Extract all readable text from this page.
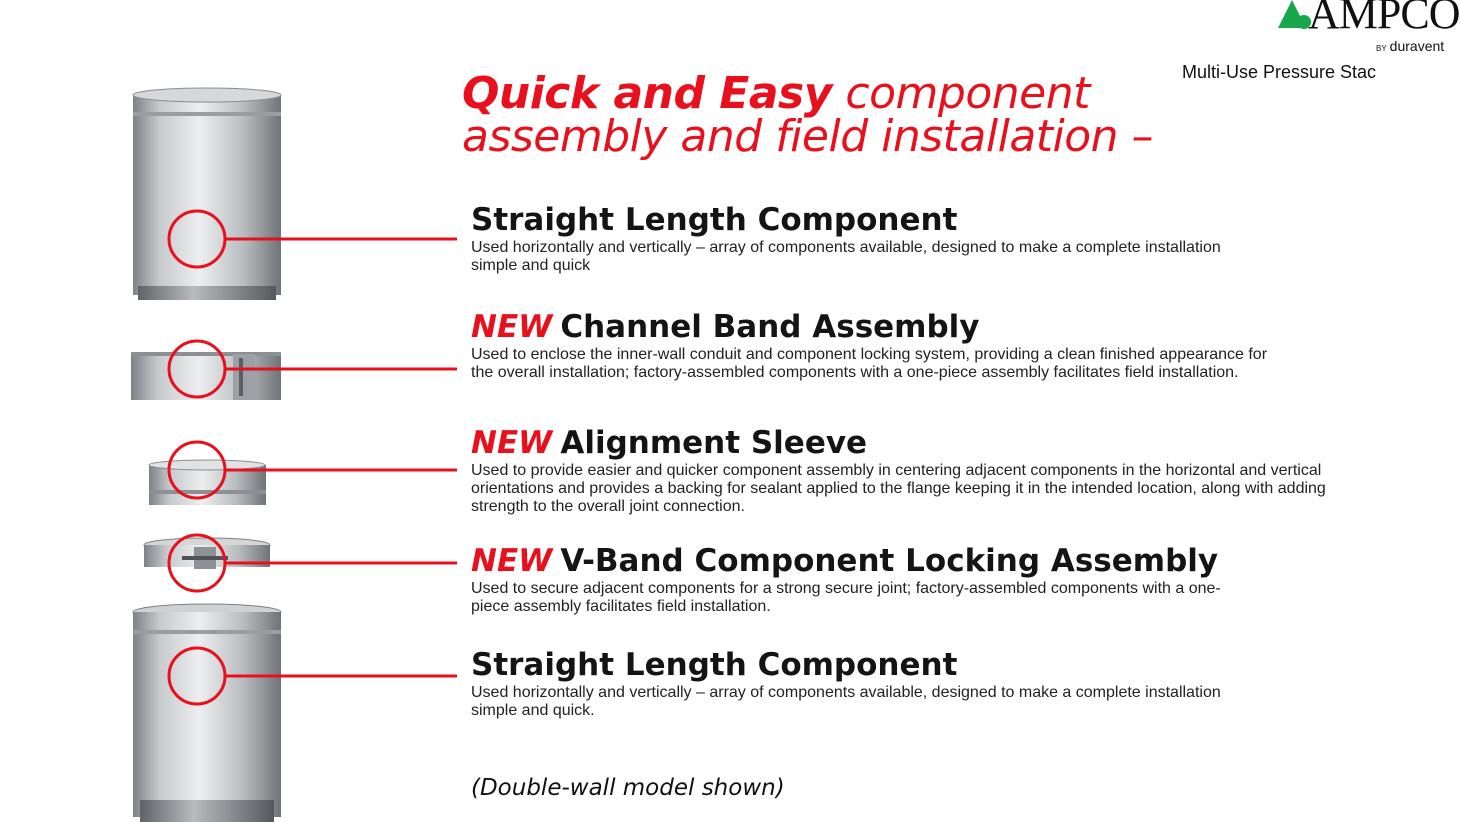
AMPCO
BY duravent
Multi-Use Pressure Stac
Quick and Easy component
assembly and field installation –
Straight Length Component

Used horizontally and vertically – array of components available, designed to make a complete installation simple and quick

NEW Channel Band Assembly

Used to enclose the inner-wall conduit and component locking system, providing a clean finished appearance for the overall installation; factory-assembled components with a one-piece assembly facilitates field installation.

NEW Alignment Sleeve

Used to provide easier and quicker component assembly in centering adjacent components in the horizontal and vertical orientations and provides a backing for sealant applied to the flange keeping it in the intended location, along with adding strength to the overall joint connection.

NEW V-Band Component Locking Assembly

Used to secure adjacent components for a strong secure joint; factory-assembled components with a one-piece assembly facilitates field installation.

Straight Length Component

Used horizontally and vertically – array of components available, designed to make a complete installation simple and quick.

(Double-wall model shown)
